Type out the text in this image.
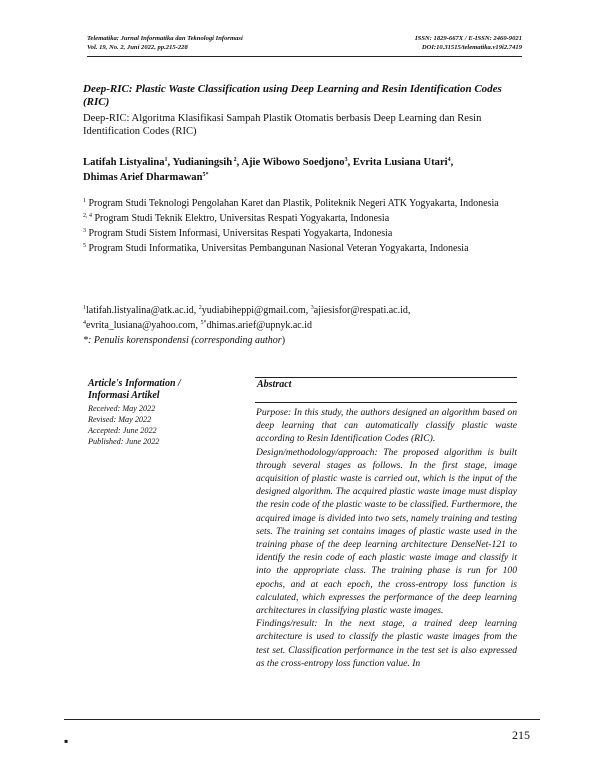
Telematika: Jurnal Informatika dan Teknologi Informasi
Vol. 19, No. 2, Juni 2022, pp.215-228
ISSN: 1829-667X / E-ISSN: 2460-9021
DOI:10.31515/telematika.v19i2.7419
Deep-RIC: Plastic Waste Classification using Deep Learning and Resin Identification Codes (RIC)
Deep-RIC: Algoritma Klasifikasi Sampah Plastik Otomatis berbasis Deep Learning dan Resin Identification Codes (RIC)
Latifah Listyalina$^1$, Yudianingsih $^2$, Ajie Wibowo Soedjono$^3$, Evrita Lusiana Utari$^4$,
Dhimas Arief Dharmawan$^{5*}$

$^1$ Program Studi Teknologi Pengolahan Karet dan Plastik, Politeknik Negeri ATK Yogyakarta, Indonesia

$^{2, 4}$ Program Studi Teknik Elektro, Universitas Respati Yogyakarta, Indonesia

$^3$ Program Studi Sistem Informasi, Universitas Respati Yogyakarta, Indonesia

$^5$ Program Studi Informatika, Universitas Pembangunan Nasional Veteran Yogyakarta, Indonesia

$^1$latifah.listyalina@atk.ac.id, $^2$yudiabiheppi@gmail.com, $^3$ajiesisfor@respati.ac.id,

$^4$evrita_lusiana@yahoo.com, $^{5*}$dhimas.arief@upnyk.ac.id

*: Penulis korenspondensi (corresponding author)

Article's Information /
Informasi Artikel
Received: May 2022
Revised: May 2022
Accepted: June 2022
Published: June 2022
Abstract

Purpose: In this study, the authors designed an algorithm based on deep learning that can automatically classify plastic waste according to Resin Identification Codes (RIC).

Design/methodology/approach: The proposed algorithm is built through several stages as follows. In the first stage, image acquisition of plastic waste is carried out, which is the input of the designed algorithm. The acquired plastic waste image must display the resin code of the plastic waste to be classified. Furthermore, the acquired image is divided into two sets, namely training and testing sets. The training set contains images of plastic waste used in the training phase of the deep learning architecture DenseNet-121 to identify the resin code of each plastic waste image and classify it into the appropriate class. The training phase is run for 100 epochs, and at each epoch, the cross-entropy loss function is calculated, which expresses the performance of the deep learning architectures in classifying plastic waste images.

Findings/result: In the next stage, a trained deep learning architecture is used to classify the plastic waste images from the test set. Classification performance in the test set is also expressed as the cross-entropy loss function value. In

▪	215
